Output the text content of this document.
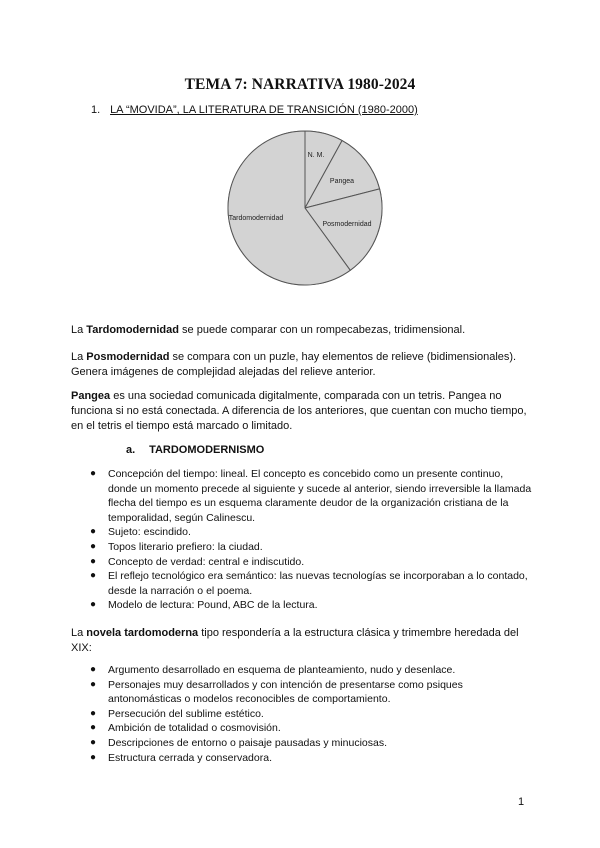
TEMA 7: NARRATIVA 1980-2024
1. LA “MOVIDA”, LA LITERATURA DE TRANSICIÓN (1980-2000)
N. M.
Pangea
Posmodernidad
Tardomodernidad

La Tardomodernidad se puede comparar con un rompecabezas, tridimensional.

La Posmodernidad se compara con un puzle, hay elementos de relieve (bidimensionales). Genera imágenes de complejidad alejadas del relieve anterior.

Pangea es una sociedad comunicada digitalmente, comparada con un tetris. Pangea no funciona si no está conectada. A diferencia de los anteriores, que cuentan con mucho tiempo, en el tetris el tiempo está marcado o limitado.

a. TARDOMODERNISMO
● Concepción del tiempo: lineal. El concepto es concebido como un presente continuo, donde un momento precede al siguiente y sucede al anterior, siendo irreversible la llamada flecha del tiempo es un esquema claramente deudor de la organización cristiana de la temporalidad, según Calinescu.
● Sujeto: escindido.
● Topos literario prefiero: la ciudad.
● Concepto de verdad: central e indiscutido.
● El reflejo tecnológico era semántico: las nuevas tecnologías se incorporaban a lo contado, desde la narración o el poema.
● Modelo de lectura: Pound, ABC de la lectura.

La novela tardomoderna tipo respondería a la estructura clásica y trimembre heredada del XIX:

● Argumento desarrollado en esquema de planteamiento, nudo y desenlace.
● Personajes muy desarrollados y con intención de presentarse como psiques antonomásticas o modelos reconocibles de comportamiento.
● Persecución del sublime estético.
● Ambición de totalidad o cosmovisión.
● Descripciones de entorno o paisaje pausadas y minuciosas.
● Estructura cerrada y conservadora.
1
